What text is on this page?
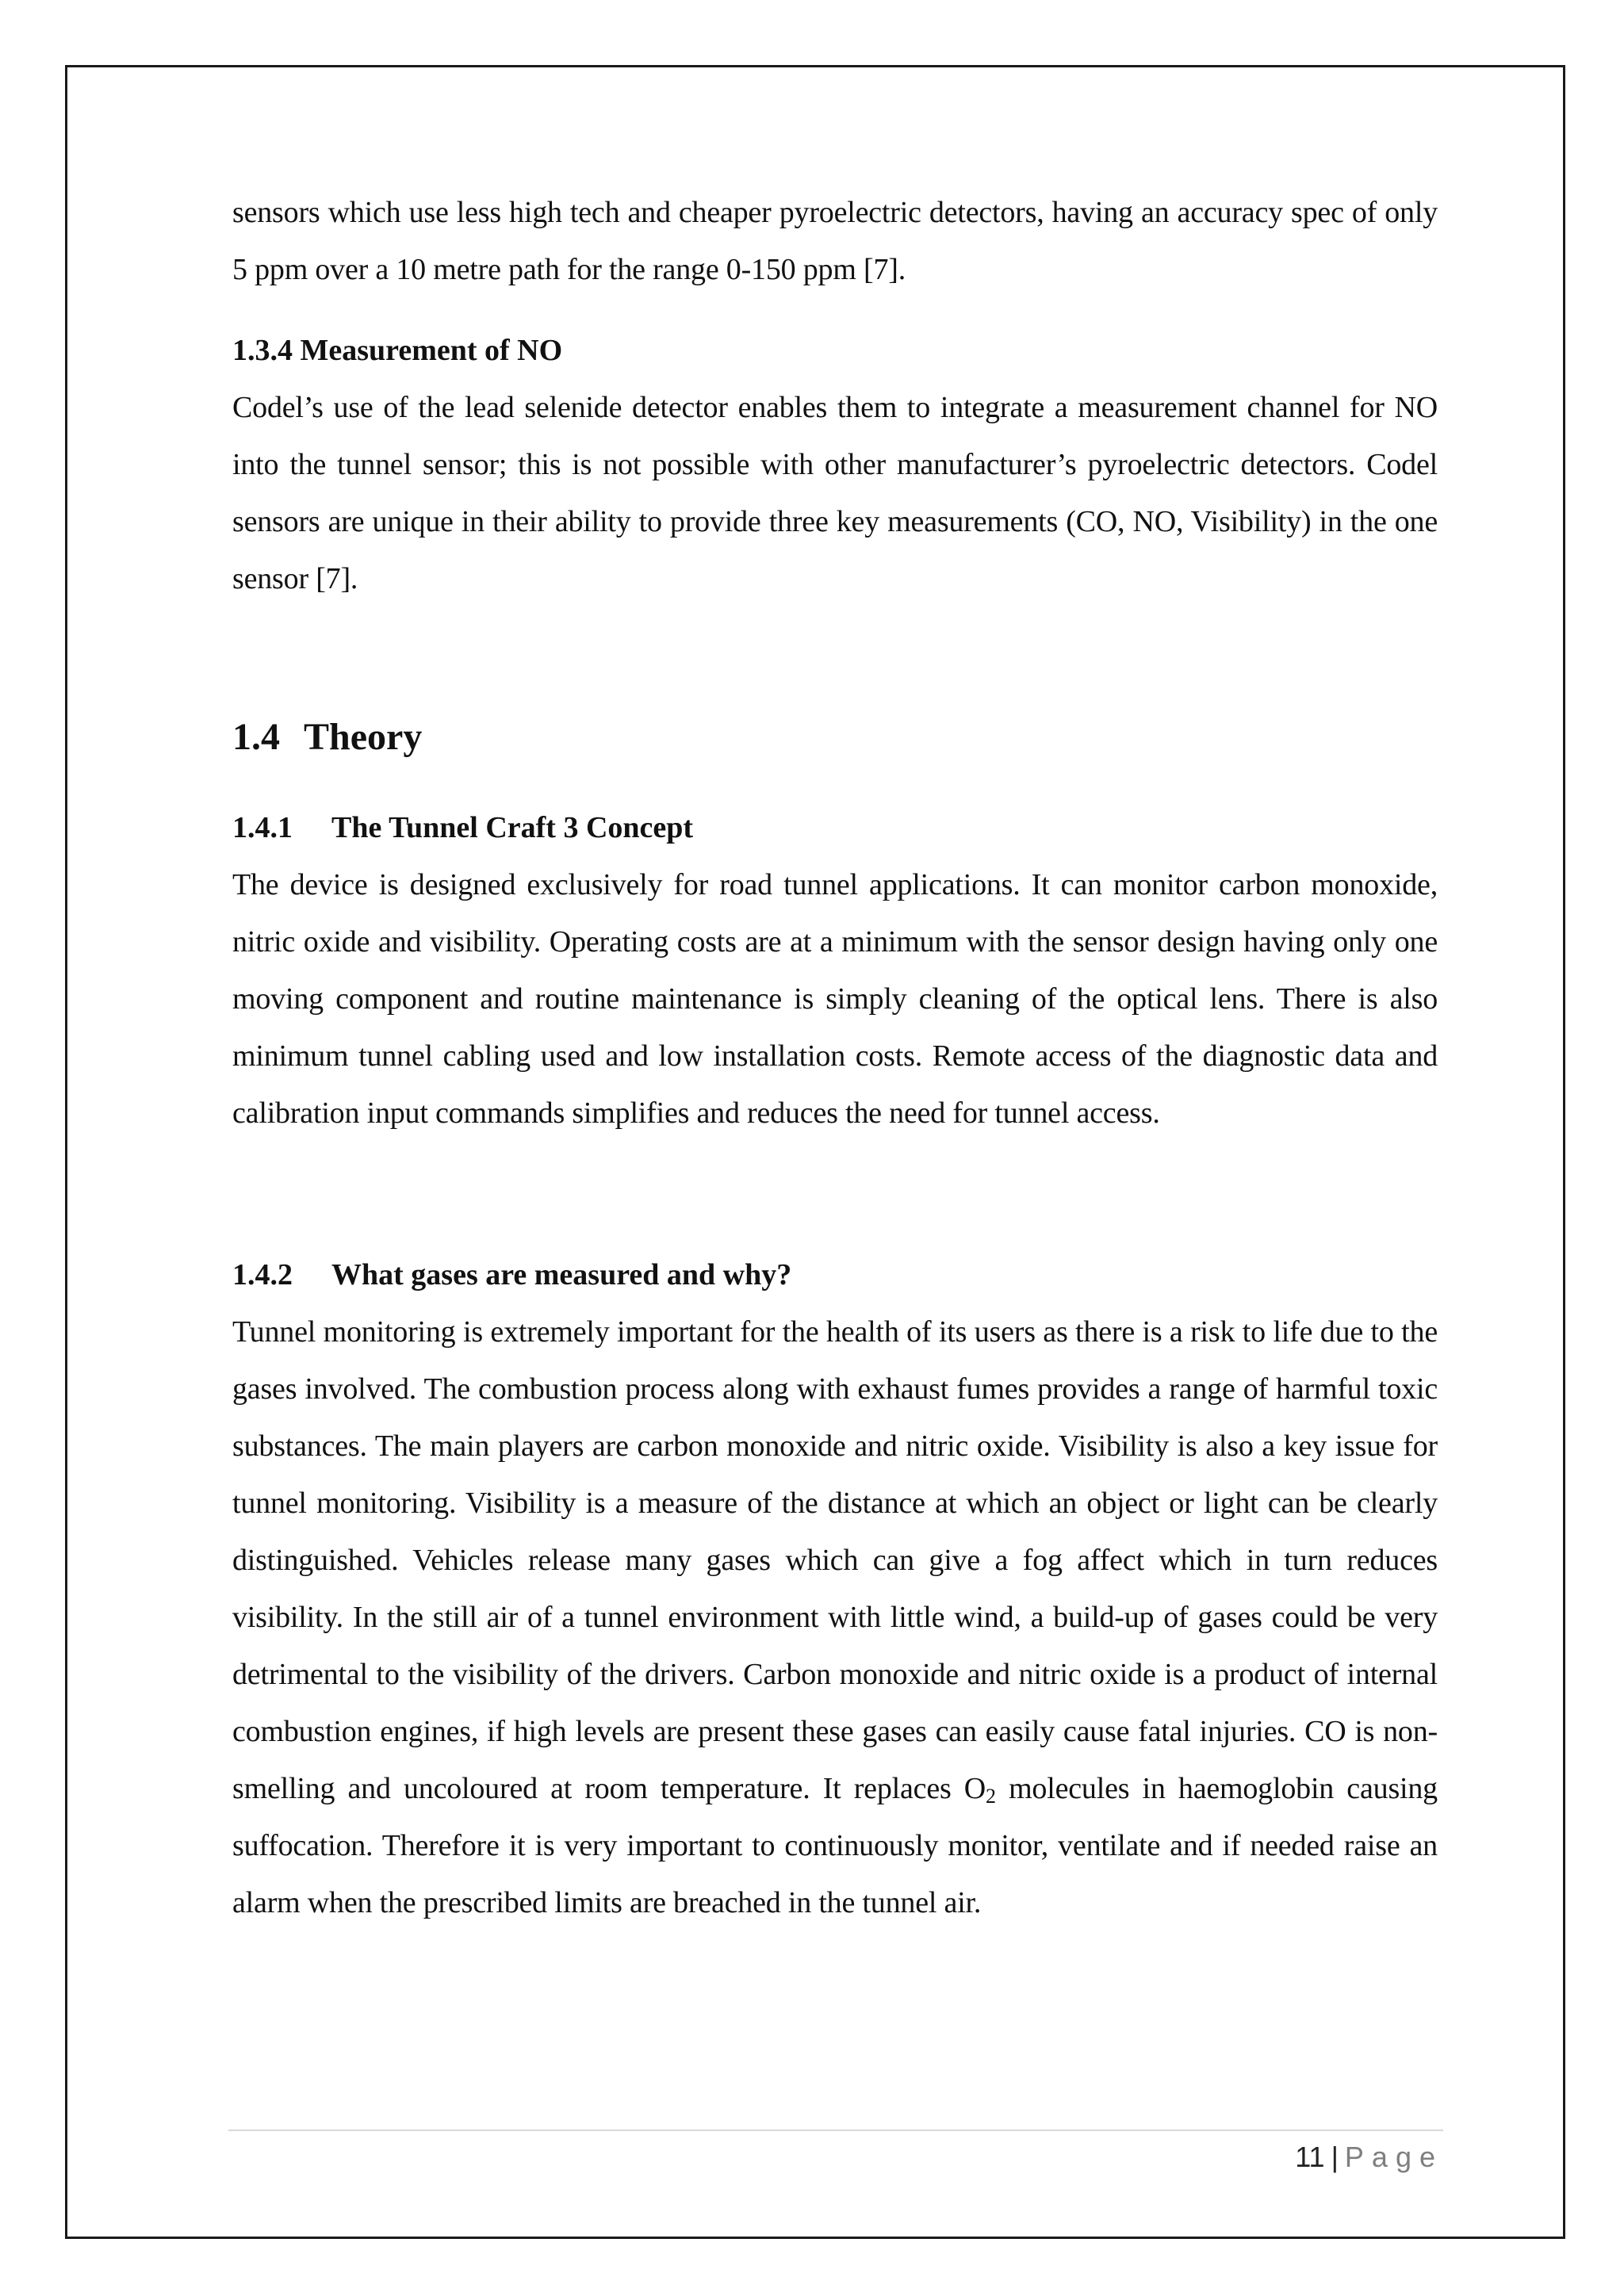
sensors which use less high tech and cheaper pyroelectric detectors, having an accuracy spec of only 5 ppm over a 10 metre path for the range 0-150 ppm [7].

1.3.4 Measurement of NO

Codel’s use of the lead selenide detector enables them to integrate a measurement channel for NO into the tunnel sensor; this is not possible with other manufacturer’s pyroelectric detectors. Codel sensors are unique in their ability to provide three key measurements (CO, NO, Visibility) in the one sensor [7].

1.4 Theory

1.4.1 The Tunnel Craft 3 Concept

The device is designed exclusively for road tunnel applications. It can monitor carbon monoxide, nitric oxide and visibility. Operating costs are at a minimum with the sensor design having only one moving component and routine maintenance is simply cleaning of the optical lens. There is also minimum tunnel cabling used and low installation costs. Remote access of the diagnostic data and calibration input commands simplifies and reduces the need for tunnel access.

1.4.2 What gases are measured and why?

Tunnel monitoring is extremely important for the health of its users as there is a risk to life due to the gases involved. The combustion process along with exhaust fumes provides a range of harmful toxic substances. The main players are carbon monoxide and nitric oxide. Visibility is also a key issue for tunnel monitoring. Visibility is a measure of the distance at which an object or light can be clearly distinguished. Vehicles release many gases which can give a fog affect which in turn reduces visibility. In the still air of a tunnel environment with little wind, a build-up of gases could be very detrimental to the visibility of the drivers. Carbon monoxide and nitric oxide is a product of internal combustion engines, if high levels are present these gases can easily cause fatal injuries. CO is non-smelling and uncoloured at room temperature. It replaces $O_2$ molecules in haemoglobin causing suffocation. Therefore it is very important to continuously monitor, ventilate and if needed raise an alarm when the prescribed limits are breached in the tunnel air.

11 | Page
